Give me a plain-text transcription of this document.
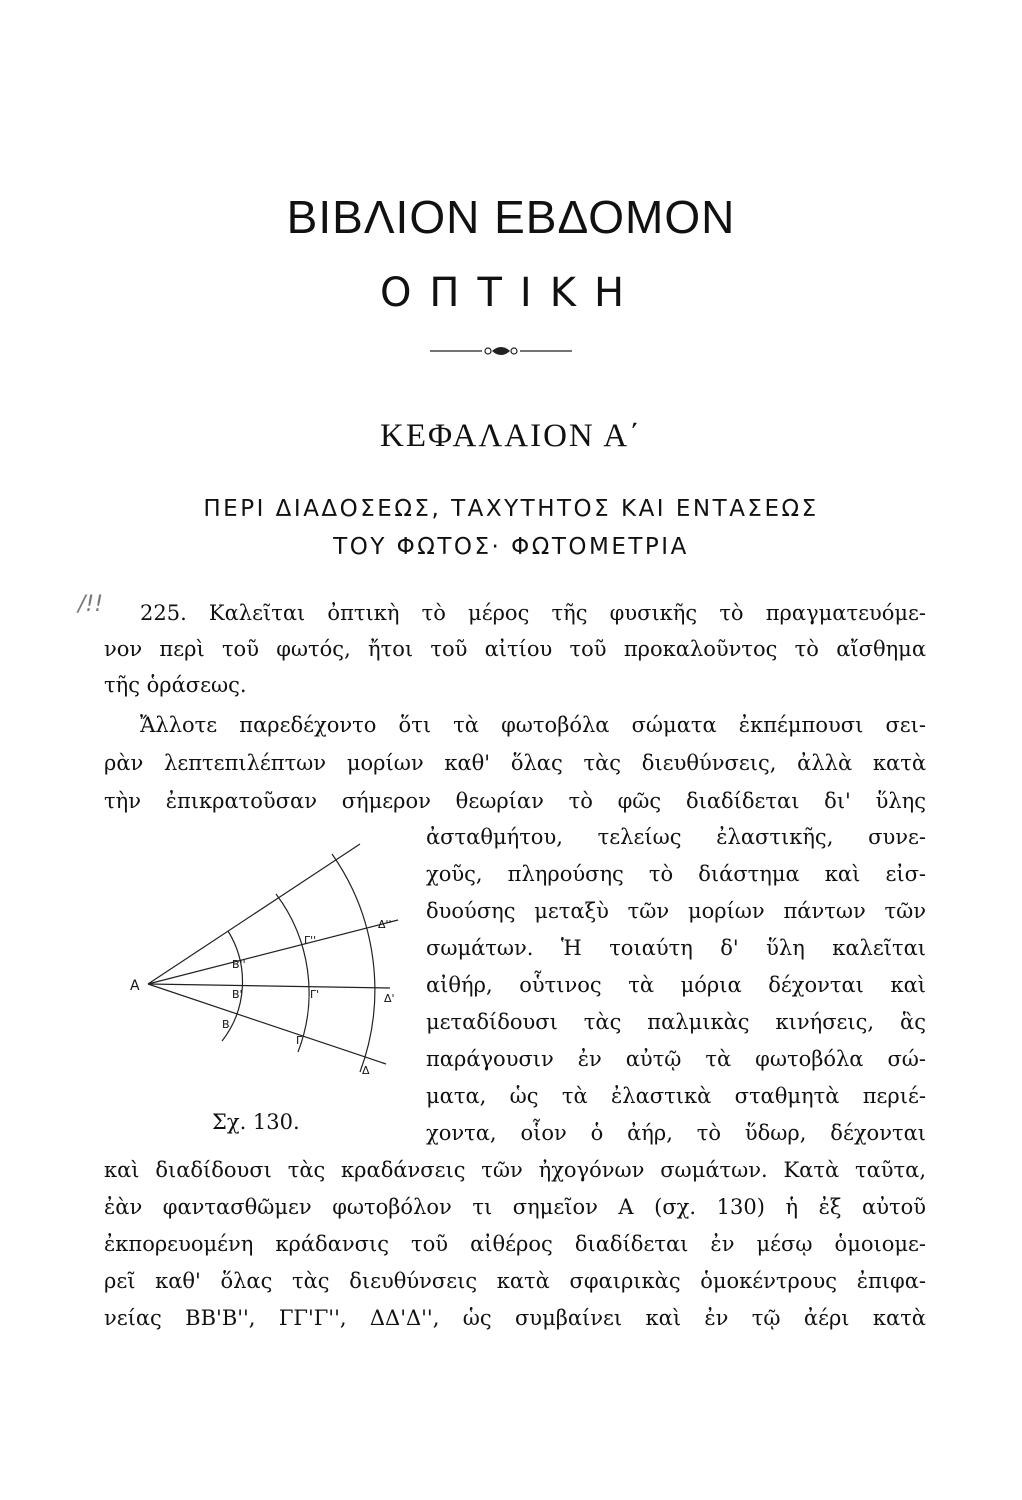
ΒΙΒΛΙΟΝ ΕΒΔΟΜΟΝ
ΟΠΤΙΚΗ
ΚΕΦΑΛΑΙΟΝ Α΄
ΠΕΡΙ ΔΙΑΔΟΣΕΩΣ, ΤΑΧΥΤΗΤΟΣ ΚΑΙ ΕΝΤΑΣΕΩΣ
ΤΟΥ ΦΩΤΟΣ· ΦΩΤΟΜΕΤΡΙΑ
/!!	225. Καλεῖται ὀπτικὴ τὸ μέρος τῆς φυσικῆς τὸ πραγματευόμε-
νον περὶ τοῦ φωτός, ἤτοι τοῦ αἰτίου τοῦ προκαλοῦντος τὸ αἴσθημα
τῆς ὁράσεως.
Ἄλλοτε παρεδέχοντο ὅτι τὰ φωτοβόλα σώματα ἐκπέμπουσι σει-
ρὰν λεπτεπιλέπτων μορίων καθ' ὅλας τὰς διευθύνσεις, ἀλλὰ κατὰ
τὴν ἐπικρατοῦσαν σήμερον θεωρίαν τὸ φῶς διαδίδεται δι' ὕλης
ἀσταθμήτου, τελείως ἐλαστικῆς, συνε-
χοῦς, πληρούσης τὸ διάστημα καὶ εἰσ-
δυούσης μεταξὺ τῶν μορίων πάντων τῶν
σωμάτων. Ἡ τοιαύτη δ' ὕλη καλεῖται
αἰθήρ, οὗτινος τὰ μόρια δέχονται καὶ
μεταδίδουσι τὰς παλμικὰς κινήσεις, ἃς
παράγουσιν ἐν αὐτῷ τὰ φωτοβόλα σώ-
ματα, ὡς τὰ ἐλαστικὰ σταθμητὰ περιέ-
χοντα, οἷον ὁ ἀήρ, τὸ ὕδωρ, δέχονται
καὶ διαδίδουσι τὰς κραδάνσεις τῶν ἠχογόνων σωμάτων. Κατὰ ταῦτα,
ἐὰν φαντασθῶμεν φωτοβόλον τι σημεῖον Α (σχ. 130) ἡ ἐξ αὐτοῦ
ἐκπορευομένη κράδανσις τοῦ αἰθέρος διαδίδεται ἐν μέσῳ ὁμοιομε-
ρεῖ καθ' ὅλας τὰς διευθύνσεις κατὰ σφαιρικὰς ὁμοκέντρους ἐπιφα-
νείας ΒΒ'Β'', ΓΓ'Γ'', ΔΔ'Δ'', ὡς συμβαίνει καὶ ἐν τῷ ἀέρι κατὰ
Α
Β''
Β'
Β
Γ''
Γ'
Γ
Δ''
Δ'
Δ
Σχ. 130.
